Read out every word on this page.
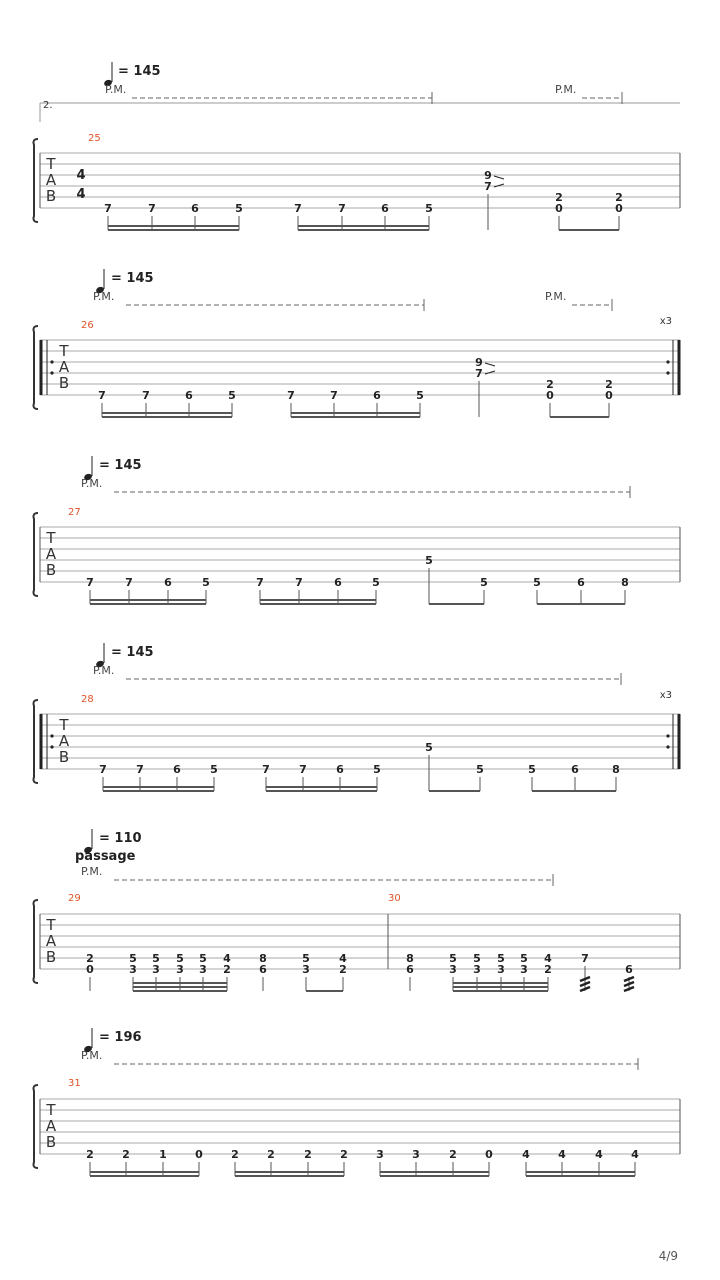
2.
= 145
P.M.	P.M.
T
A
B
4
4
25
7	7	6	5	7	7	6	5
9
7
2
0
2
0
= 145
P.M.	P.M.
T
A
B
x3
26
7	7	6	5	7	7	6	5
9
7
2
0
2
0
= 145
P.M.
T
A
B
27
7	7	6	5	7	7	6	5
5
5	5	6	8
= 145
P.M.
T
A
B
x3
28
7	7	6	5	7	7	6	5
5
5	5	6	8
= 110
passage
P.M.
T
A
B
29	30
2
0
5
3
5
3
5
3
5
3
4
2
8
6
5
3
4
2
8
6
5
3
5
3
5
3
5
3
4
2
7
6
= 196
P.M.
T
A
B
31
2	2	1	0	2	2	2	2	3	3	2	0	4	4	4	4
4/9
